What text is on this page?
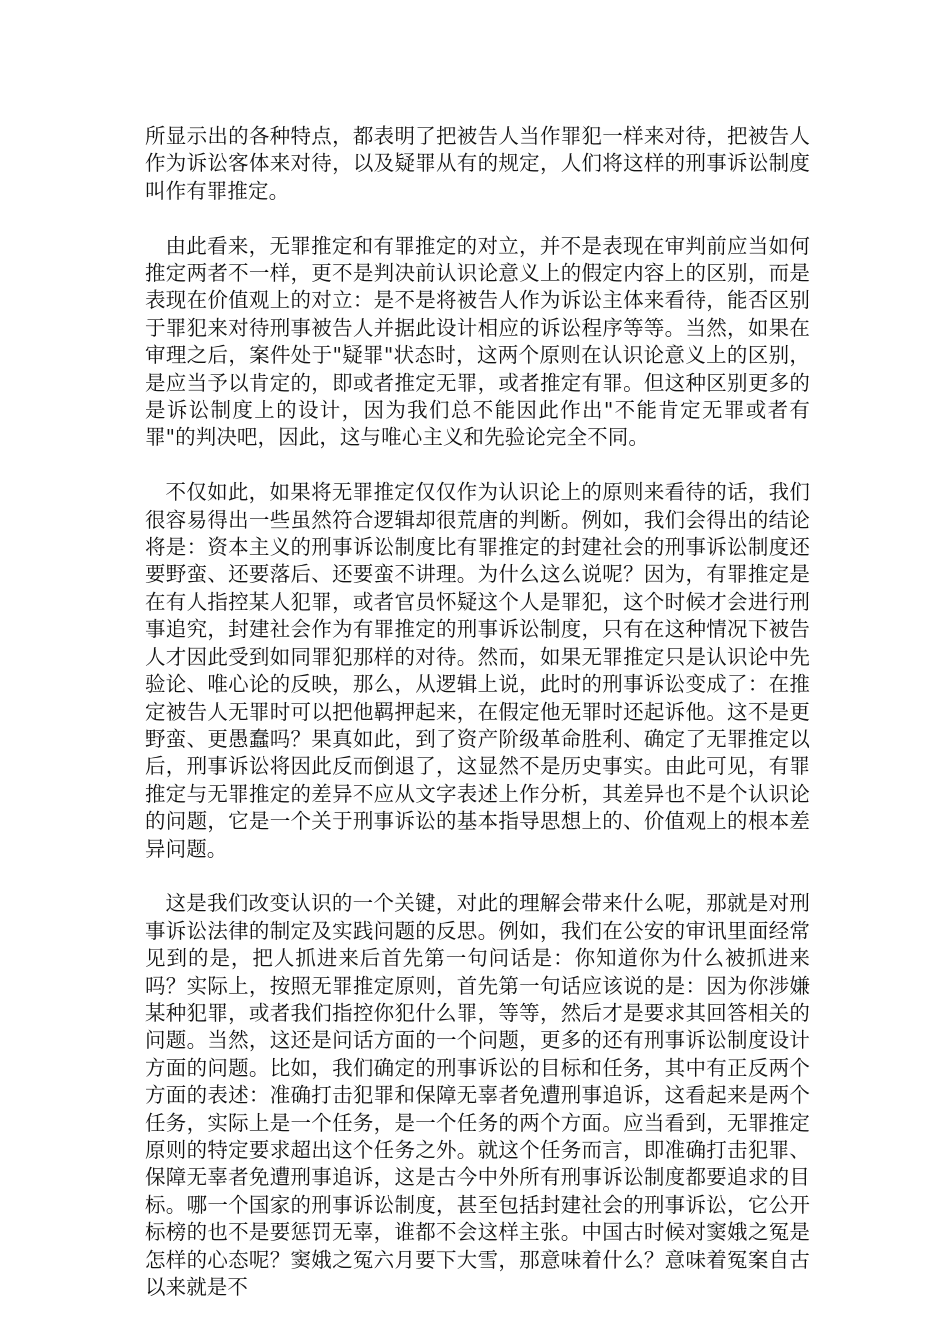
所显示出的各种特点，都表明了把被告人当作罪犯一样来对待，把被告人作为诉讼客体来对待，以及疑罪从有的规定，人们将这样的刑事诉讼制度叫作有罪推定。

由此看来，无罪推定和有罪推定的对立，并不是表现在审判前应当如何推定两者不一样，更不是判决前认识论意义上的假定内容上的区别，而是表现在价值观上的对立：是不是将被告人作为诉讼主体来看待，能否区别于罪犯来对待刑事被告人并据此设计相应的诉讼程序等等。当然，如果在审理之后，案件处于"疑罪"状态时，这两个原则在认识论意义上的区别，是应当予以肯定的，即或者推定无罪，或者推定有罪。但这种区别更多的是诉讼制度上的设计，因为我们总不能因此作出"不能肯定无罪或者有罪"的判决吧，因此，这与唯心主义和先验论完全不同。

不仅如此，如果将无罪推定仅仅作为认识论上的原则来看待的话，我们很容易得出一些虽然符合逻辑却很荒唐的判断。例如，我们会得出的结论将是：资本主义的刑事诉讼制度比有罪推定的封建社会的刑事诉讼制度还要野蛮、还要落后、还要蛮不讲理。为什么这么说呢？因为，有罪推定是在有人指控某人犯罪，或者官员怀疑这个人是罪犯，这个时候才会进行刑事追究，封建社会作为有罪推定的刑事诉讼制度，只有在这种情况下被告人才因此受到如同罪犯那样的对待。然而，如果无罪推定只是认识论中先验论、唯心论的反映，那么，从逻辑上说，此时的刑事诉讼变成了：在推定被告人无罪时可以把他羁押起来，在假定他无罪时还起诉他。这不是更野蛮、更愚蠢吗？果真如此，到了资产阶级革命胜利、确定了无罪推定以后，刑事诉讼将因此反而倒退了，这显然不是历史事实。由此可见，有罪推定与无罪推定的差异不应从文字表述上作分析，其差异也不是个认识论的问题，它是一个关于刑事诉讼的基本指导思想上的、价值观上的根本差异问题。

这是我们改变认识的一个关键，对此的理解会带来什么呢，那就是对刑事诉讼法律的制定及实践问题的反思。例如，我们在公安的审讯里面经常见到的是，把人抓进来后首先第一句问话是：你知道你为什么被抓进来吗？实际上，按照无罪推定原则，首先第一句话应该说的是：因为你涉嫌某种犯罪，或者我们指控你犯什么罪，等等，然后才是要求其回答相关的问题。当然，这还是问话方面的一个问题，更多的还有刑事诉讼制度设计方面的问题。比如，我们确定的刑事诉讼的目标和任务，其中有正反两个方面的表述：准确打击犯罪和保障无辜者免遭刑事追诉，这看起来是两个任务，实际上是一个任务，是一个任务的两个方面。应当看到，无罪推定原则的特定要求超出这个任务之外。就这个任务而言，即准确打击犯罪、保障无辜者免遭刑事追诉，这是古今中外所有刑事诉讼制度都要追求的目标。哪一个国家的刑事诉讼制度，甚至包括封建社会的刑事诉讼，它公开标榜的也不是要惩罚无辜，谁都不会这样主张。中国古时候对窦娥之冤是怎样的心态呢？窦娥之冤六月要下大雪，那意味着什么？意味着冤案自古以来就是不
